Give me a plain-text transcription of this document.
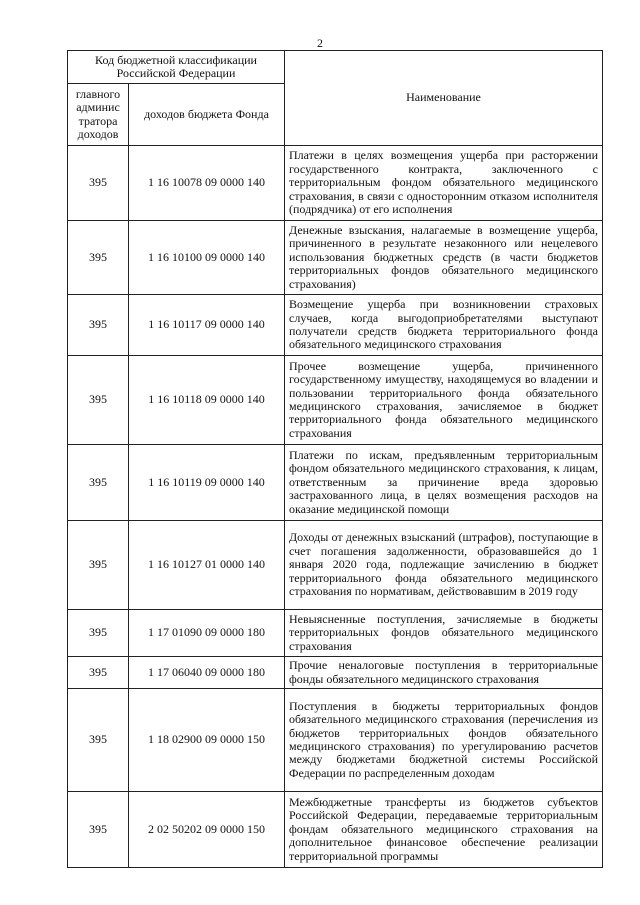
2
Код бюджетной классификации Российской Федерации		Наименование
главного админис тратора доходов	доходов бюджета Фонда	
395	1 16 10078 09 0000 140	Платежи в целях возмещения ущерба при расторжении государственного контракта, заключенного с территориальным фондом обязательного медицинского страхования, в связи с односторонним отказом исполнителя (подрядчика) от его исполнения
395	1 16 10100 09 0000 140	Денежные взыскания, налагаемые в возмещение ущерба, причиненного в результате незаконного или нецелевого использования бюджетных средств (в части бюджетов территориальных фондов обязательного медицинского страхования)
395	1 16 10117 09 0000 140	Возмещение ущерба при возникновении страховых случаев, когда выгодоприобретателями выступают получатели средств бюджета территориального фонда обязательного медицинского страхования
395	1 16 10118 09 0000 140	Прочее возмещение ущерба, причиненного государственному имуществу, находящемуся во владении и пользовании территориального фонда обязательного медицинского страхования, зачисляемое в бюджет территориального фонда обязательного медицинского страхования
395	1 16 10119 09 0000 140	Платежи по искам, предъявленным территориальным фондом обязательного медицинского страхования, к лицам, ответственным за причинение вреда здоровью застрахованного лица, в целях возмещения расходов на оказание медицинской помощи
395	1 16 10127 01 0000 140	Доходы от денежных взысканий (штрафов), поступающие в счет погашения задолженности, образовавшейся до 1 января 2020 года, подлежащие зачислению в бюджет территориального фонда обязательного медицинского страхования по нормативам, действовавшим в 2019 году
395	1 17 01090 09 0000 180	Невыясненные поступления, зачисляемые в бюджеты территориальных фондов обязательного медицинского страхования
395	1 17 06040 09 0000 180	Прочие неналоговые поступления в территориальные фонды обязательного медицинского страхования
395	1 18 02900 09 0000 150	Поступления в бюджеты территориальных фондов обязательного медицинского страхования (перечисления из бюджетов территориальных фондов обязательного медицинского страхования) по урегулированию расчетов между бюджетами бюджетной системы Российской Федерации по распределенным доходам
395	2 02 50202 09 0000 150	Межбюджетные трансферты из бюджетов субъектов Российской Федерации, передаваемые территориальным фондам обязательного медицинского страхования на дополнительное финансовое обеспечение реализации территориальной программы
